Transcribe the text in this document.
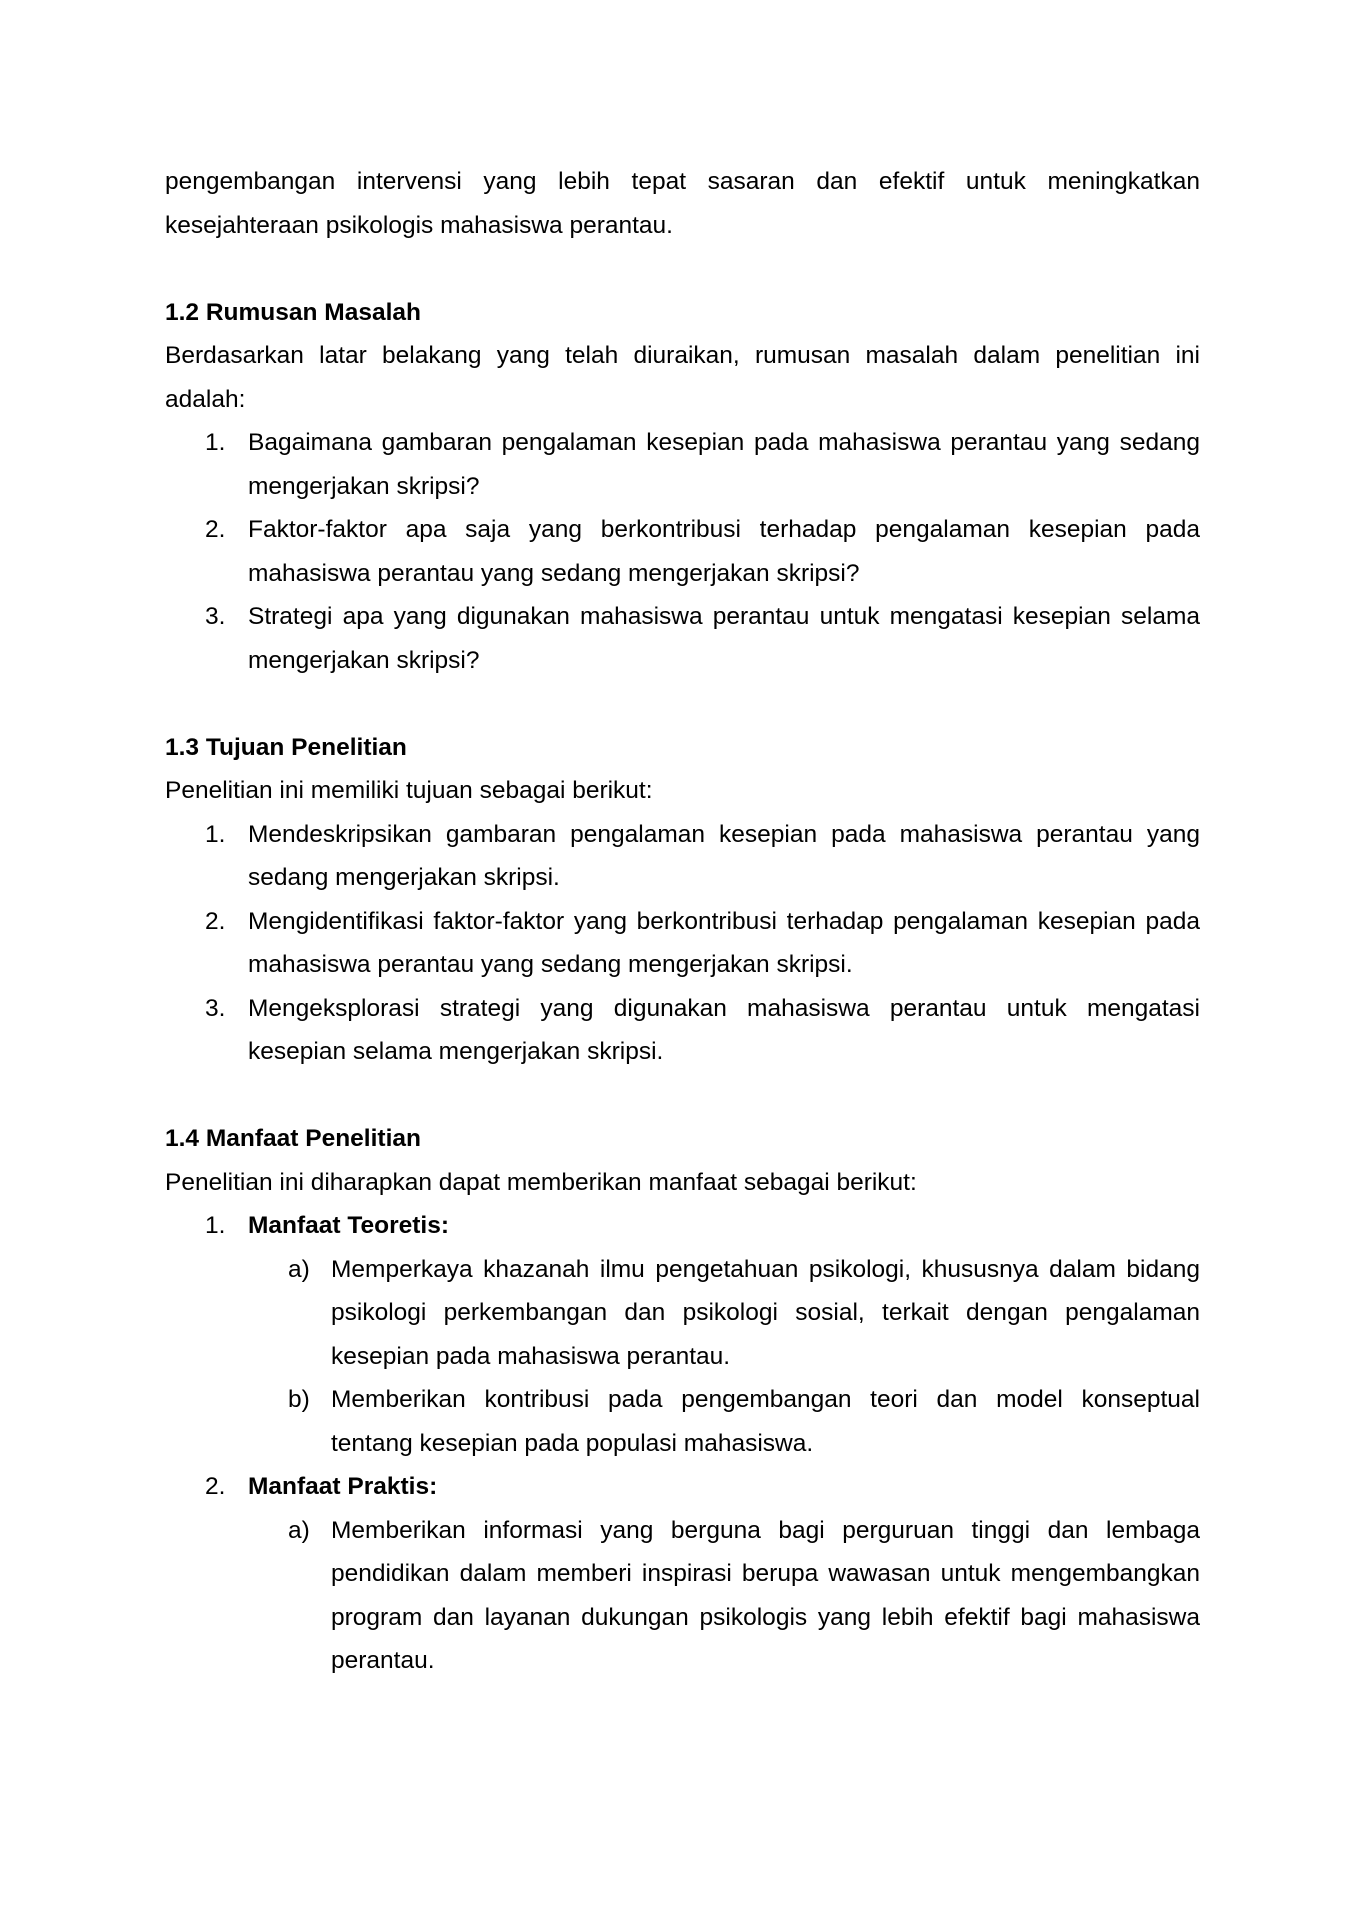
pengembangan intervensi yang lebih tepat sasaran dan efektif untuk meningkatkan kesejahteraan psikologis mahasiswa perantau.

1.2 Rumusan Masalah

Berdasarkan latar belakang yang telah diuraikan, rumusan masalah dalam penelitian ini adalah:

1. Bagaimana gambaran pengalaman kesepian pada mahasiswa perantau yang sedang mengerjakan skripsi?
2. Faktor-faktor apa saja yang berkontribusi terhadap pengalaman kesepian pada mahasiswa perantau yang sedang mengerjakan skripsi?
3. Strategi apa yang digunakan mahasiswa perantau untuk mengatasi kesepian selama mengerjakan skripsi?
1.3 Tujuan Penelitian

Penelitian ini memiliki tujuan sebagai berikut:

1. Mendeskripsikan gambaran pengalaman kesepian pada mahasiswa perantau yang sedang mengerjakan skripsi.
2. Mengidentifikasi faktor-faktor yang berkontribusi terhadap pengalaman kesepian pada mahasiswa perantau yang sedang mengerjakan skripsi.
3. Mengeksplorasi strategi yang digunakan mahasiswa perantau untuk mengatasi kesepian selama mengerjakan skripsi.
1.4 Manfaat Penelitian

Penelitian ini diharapkan dapat memberikan manfaat sebagai berikut:

1. Manfaat Teoretis:
a) Memperkaya khazanah ilmu pengetahuan psikologi, khususnya dalam bidang psikologi perkembangan dan psikologi sosial, terkait dengan pengalaman kesepian pada mahasiswa perantau.
b) Memberikan kontribusi pada pengembangan teori dan model konseptual tentang kesepian pada populasi mahasiswa.
2. Manfaat Praktis:
a) Memberikan informasi yang berguna bagi perguruan tinggi dan lembaga pendidikan dalam memberi inspirasi berupa wawasan untuk mengembangkan program dan layanan dukungan psikologis yang lebih efektif bagi mahasiswa perantau.
